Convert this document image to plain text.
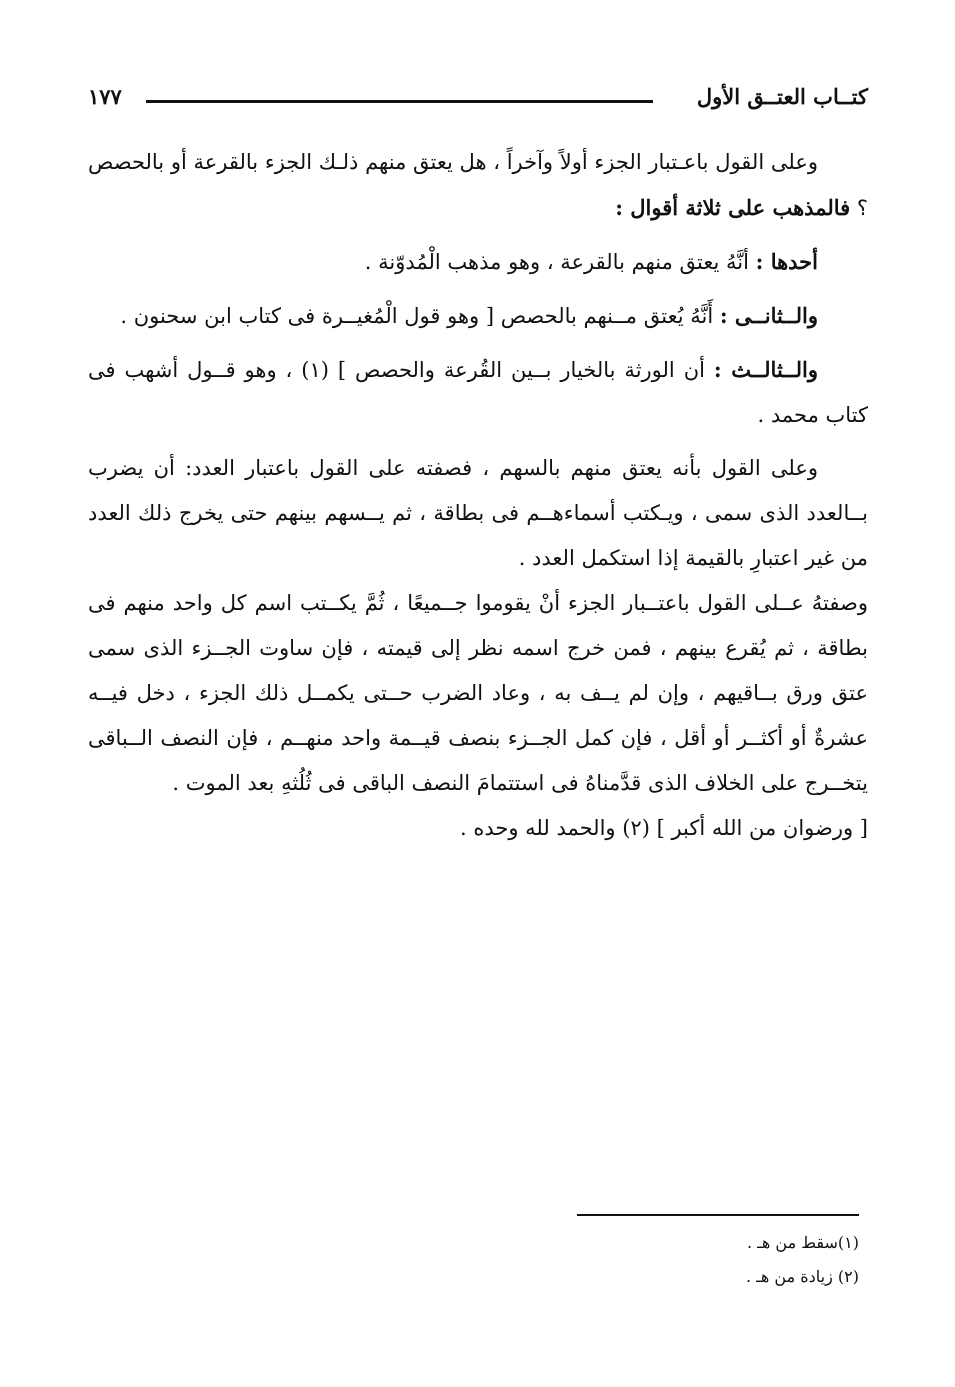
كتــاب العتــق الأول
١٧٧

وعلى القول باعـتبار الجزء أولاً وآخراً ، هل يعتق منهم ذلـك الجزء بالقرعة أو بالحصص ؟ فالمذهب على ثلاثة أقوال :

أحدها : أنَّهُ يعتق منهم بالقرعة ، وهو مذهب الْمُدوّنة .

والــثانــى : أَنَّهُ يُعتق مــنهم بالحصص [ وهو قول الْمُغيــرة فى كتاب ابن سحنون .

والــثالــث : أن الورثة بالخيار بــين القُرعة والحصص ] (١) ، وهو قــول أشهب فى كتاب محمد .

وعلى القول بأنه يعتق منهم بالسهم ، فصفته على القول باعتبار العدد: أن يضرب بــالعدد الذى سمى ، ويـكتب أسماءهــم فى بطاقة ، ثم يــسهم بينهم حتى يخرج ذلك العدد من غير اعتبارِ بالقيمة إذا استكمل العدد .

وصفتهُ عــلى القول باعتــبار الجزء أنْ يقوموا جــميعًا ، ثُمَّ يكــتب اسم كل واحد منهم فى بطاقة ، ثم يُقرع بينهم ، فمن خرج اسمه نظر إلى قيمته ، فإن ساوت الجــزء الذى سمى عتق ورق بــاقيهم ، وإن لم يــف به ، وعاد الضرب حــتى يكمــل ذلك الجزء ، دخل فيــه عشرةٌ أو أكثــر أو أقل ، فإن كمل الجــزء بنصف قيــمة واحد منهــم ، فإن النصف الــباقى يتخــرج على الخلاف الذى قدَّمناهُ فى استتمامَ النصف الباقى فى ثُلُثهِ بعد الموت .

[ ورضوان من الله أكبر ] (٢) والحمد لله وحده .

(١)سقط من هـ .
(٢) زيادة من هـ .
